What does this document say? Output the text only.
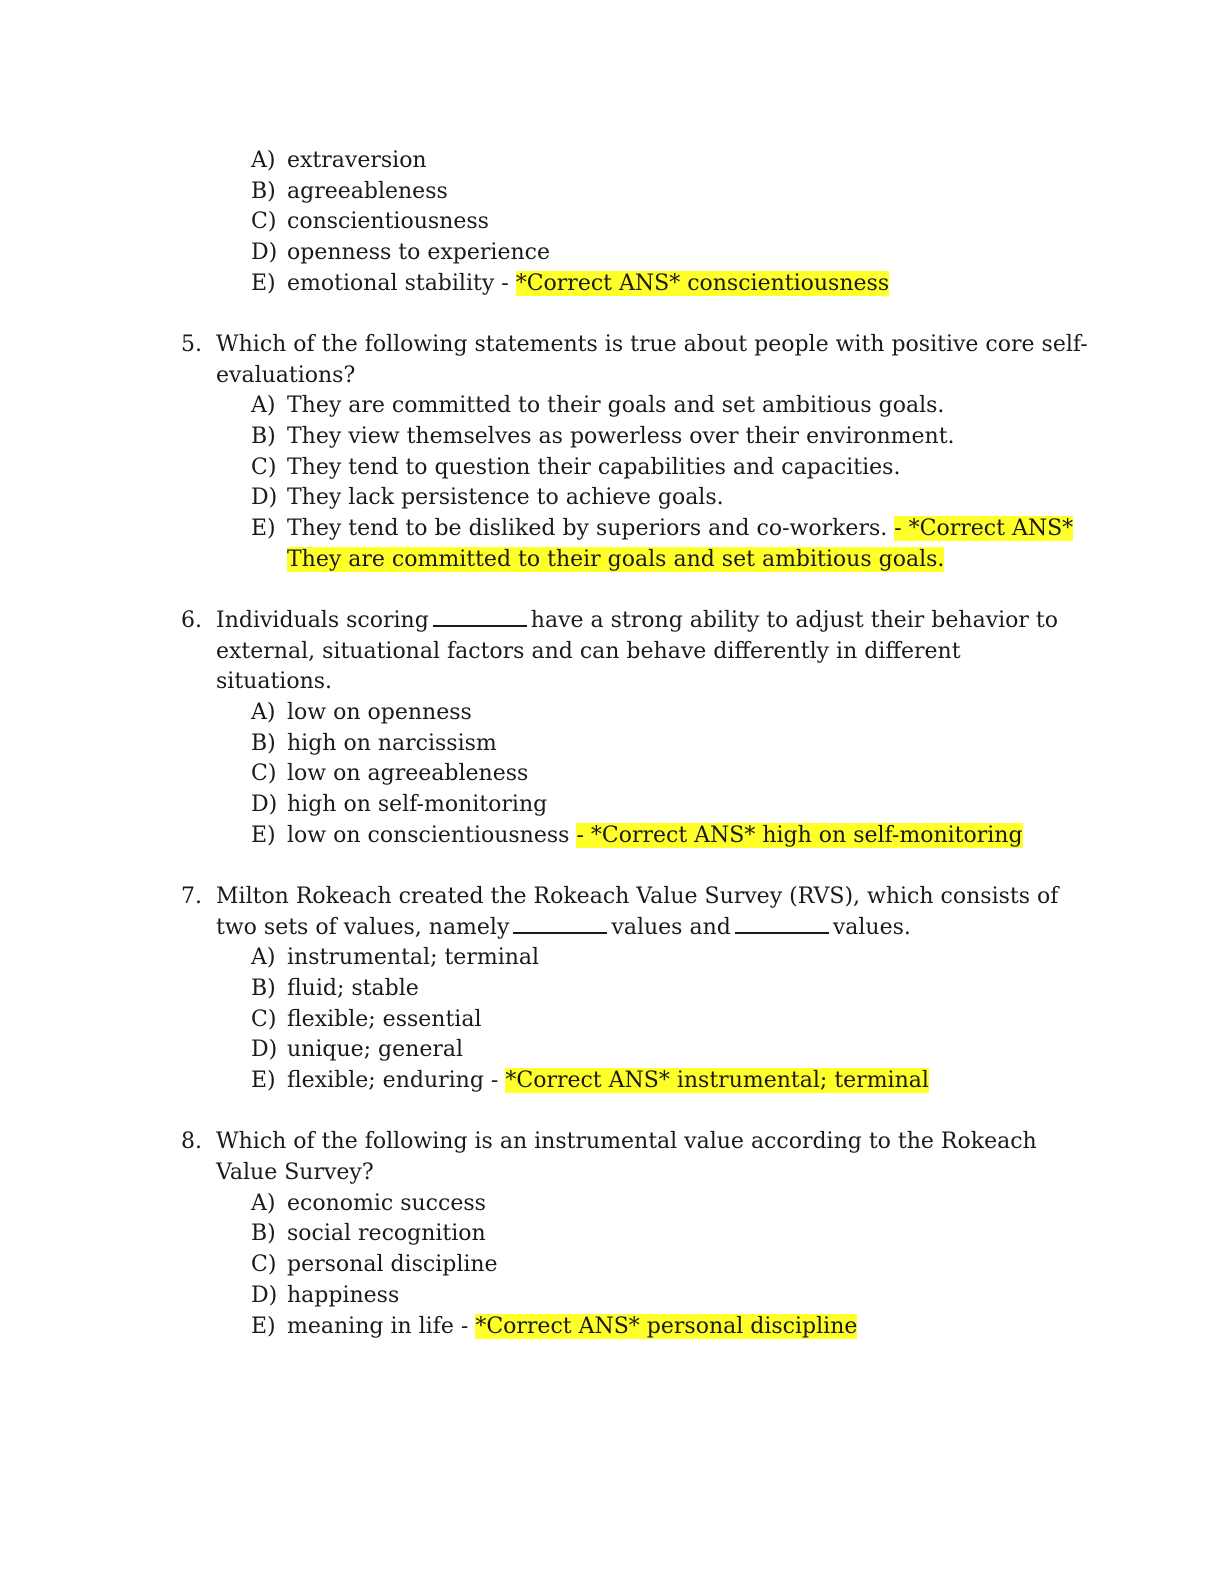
A) extraversion
B) agreeableness
C) conscientiousness
D) openness to experience
E) emotional stability - *Correct ANS* conscientiousness
5. Which of the following statements is true about people with positive core self-
evaluations?
A) They are committed to their goals and set ambitious goals.
B) They view themselves as powerless over their environment.
C) They tend to question their capabilities and capacities.
D) They lack persistence to achieve goals.
E) They tend to be disliked by superiors and co-workers. - *Correct ANS*
They are committed to their goals and set ambitious goals.
6. Individuals scoring	have a strong ability to adjust their behavior to
external, situational factors and can behave differently in different
situations.
A) low on openness
B) high on narcissism
C) low on agreeableness
D) high on self-monitoring
E) low on conscientiousness - *Correct ANS* high on self-monitoring
7. Milton Rokeach created the Rokeach Value Survey (RVS), which consists of
two sets of values, namely	values and	values.
A) instrumental; terminal
B) fluid; stable
C) flexible; essential
D) unique; general
E) flexible; enduring - *Correct ANS* instrumental; terminal
8. Which of the following is an instrumental value according to the Rokeach
Value Survey?
A) economic success
B) social recognition
C) personal discipline
D) happiness
E) meaning in life - *Correct ANS* personal discipline
